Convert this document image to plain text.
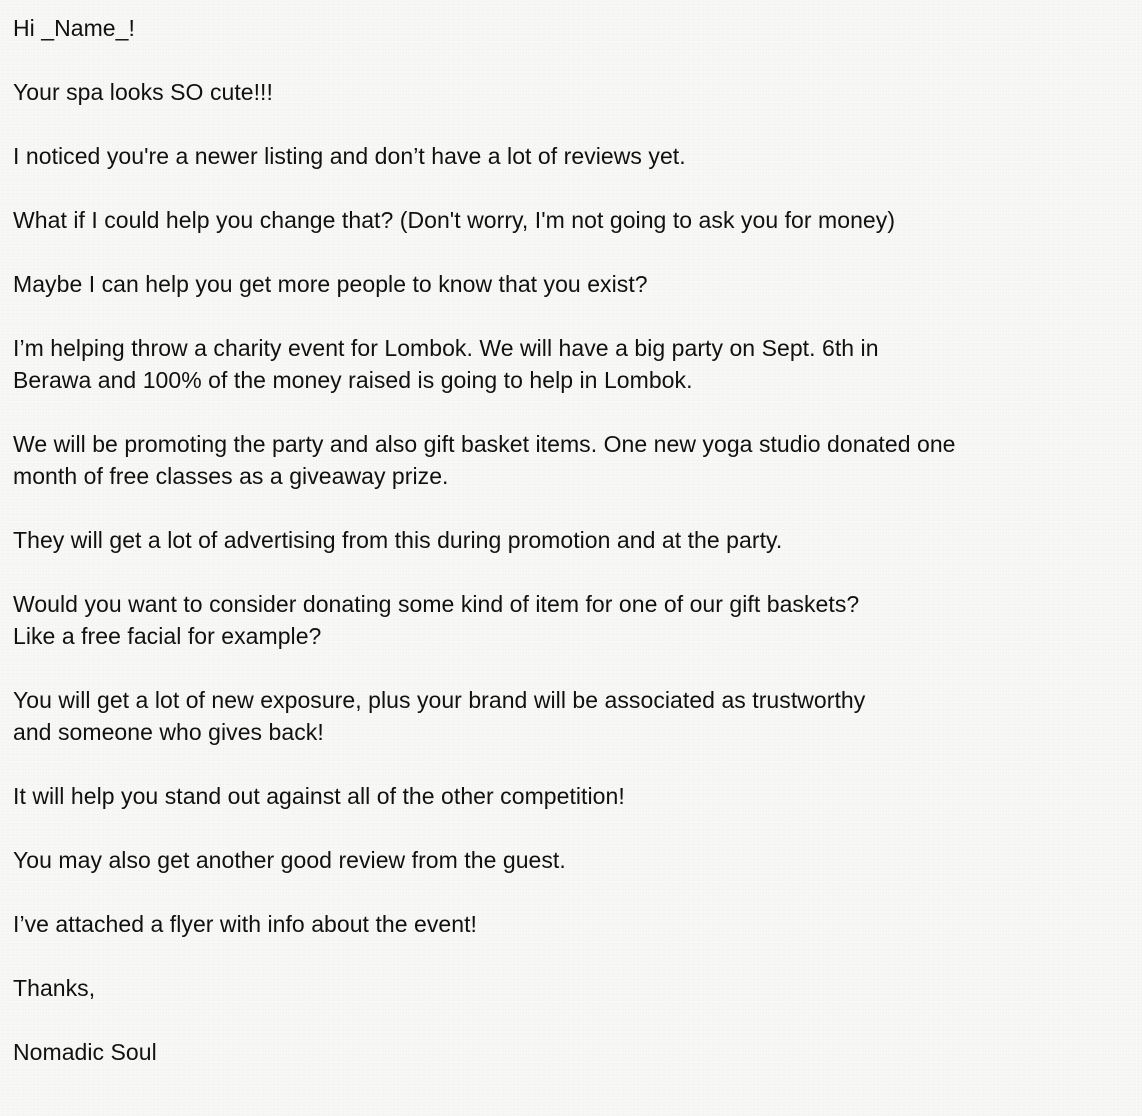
Hi _Name_!

Your spa looks SO cute!!!

I noticed you're a newer listing and don’t have a lot of reviews yet.

What if I could help you change that? (Don't worry, I'm not going to ask you for money)

Maybe I can help you get more people to know that you exist?

I’m helping throw a charity event for Lombok. We will have a big party on Sept. 6th in
Berawa and 100% of the money raised is going to help in Lombok.

We will be promoting the party and also gift basket items. One new yoga studio donated one
month of free classes as a giveaway prize.

They will get a lot of advertising from this during promotion and at the party.

Would you want to consider donating some kind of item for one of our gift baskets?
Like a free facial for example?

You will get a lot of new exposure, plus your brand will be associated as trustworthy
and someone who gives back!

It will help you stand out against all of the other competition!

You may also get another good review from the guest.

I’ve attached a flyer with info about the event!

Thanks,

Nomadic Soul
